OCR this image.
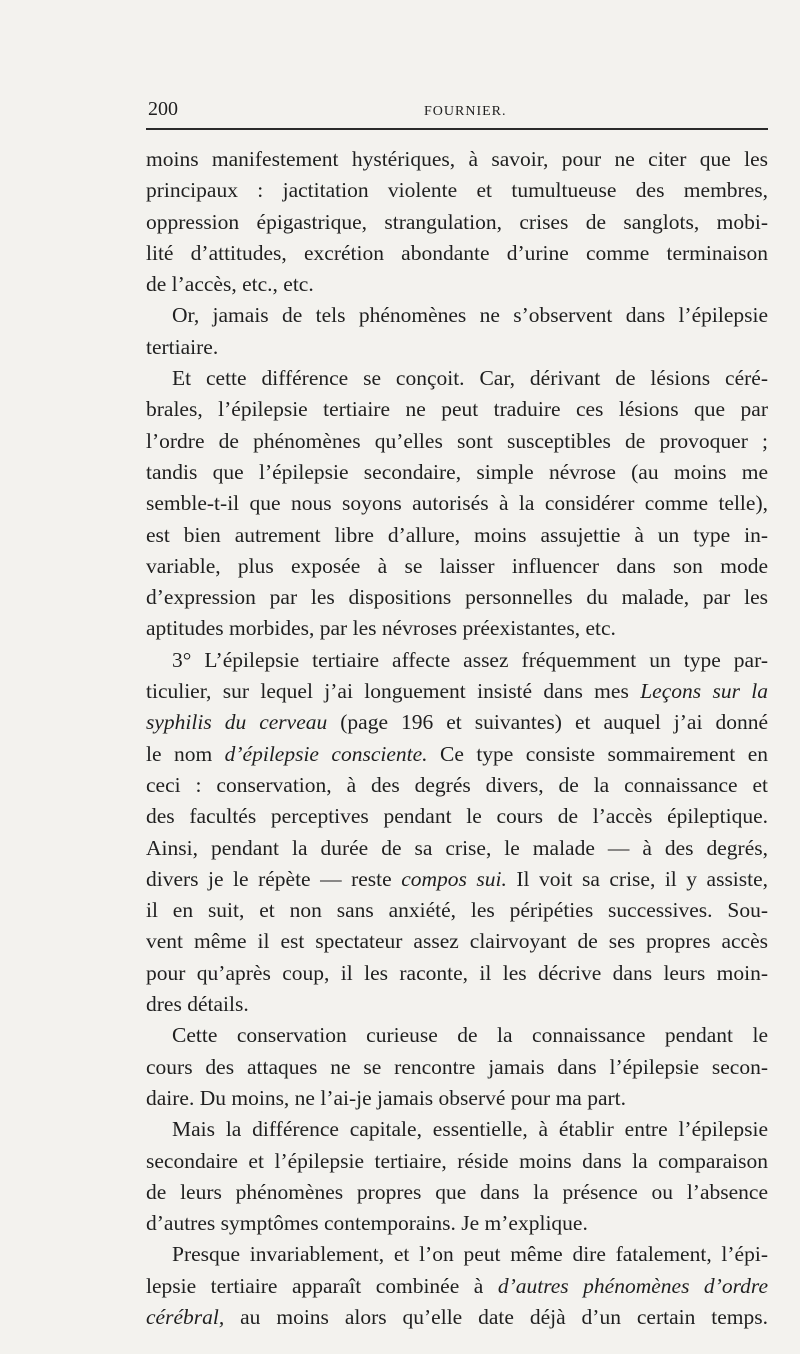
200	FOURNIER.
moins manifestement hystériques, à savoir, pour ne citer que les
principaux : jactitation violente et tumultueuse des membres,
oppression épigastrique, strangulation, crises de sanglots, mobi-
lité d’attitudes, excrétion abondante d’urine comme terminaison
de l’accès, etc., etc.
Or, jamais de tels phénomènes ne s’observent dans l’épilepsie
tertiaire.
Et cette différence se conçoit. Car, dérivant de lésions céré-
brales, l’épilepsie tertiaire ne peut traduire ces lésions que par
l’ordre de phénomènes qu’elles sont susceptibles de provoquer ;
tandis que l’épilepsie secondaire, simple névrose (au moins me
semble-t-il que nous soyons autorisés à la considérer comme telle),
est bien autrement libre d’allure, moins assujettie à un type in-
variable, plus exposée à se laisser influencer dans son mode
d’expression par les dispositions personnelles du malade, par les
aptitudes morbides, par les névroses préexistantes, etc.
3° L’épilepsie tertiaire affecte assez fréquemment un type par-
ticulier, sur lequel j’ai longuement insisté dans mes Leçons sur la
syphilis du cerveau (page 196 et suivantes) et auquel j’ai donné
le nom d’épilepsie consciente. Ce type consiste sommairement en
ceci : conservation, à des degrés divers, de la connaissance et
des facultés perceptives pendant le cours de l’accès épileptique.
Ainsi, pendant la durée de sa crise, le malade — à des degrés,
divers je le répète — reste compos sui. Il voit sa crise, il y assiste,
il en suit, et non sans anxiété, les péripéties successives. Sou-
vent même il est spectateur assez clairvoyant de ses propres accès
pour qu’après coup, il les raconte, il les décrive dans leurs moin-
dres détails.
Cette conservation curieuse de la connaissance pendant le
cours des attaques ne se rencontre jamais dans l’épilepsie secon-
daire. Du moins, ne l’ai-je jamais observé pour ma part.
Mais la différence capitale, essentielle, à établir entre l’épilepsie
secondaire et l’épilepsie tertiaire, réside moins dans la comparaison
de leurs phénomènes propres que dans la présence ou l’absence
d’autres symptômes contemporains. Je m’explique.
Presque invariablement, et l’on peut même dire fatalement, l’épi-
lepsie tertiaire apparaît combinée à d’autres phénomènes d’ordre
cérébral, au moins alors qu’elle date déjà d’un certain temps.
